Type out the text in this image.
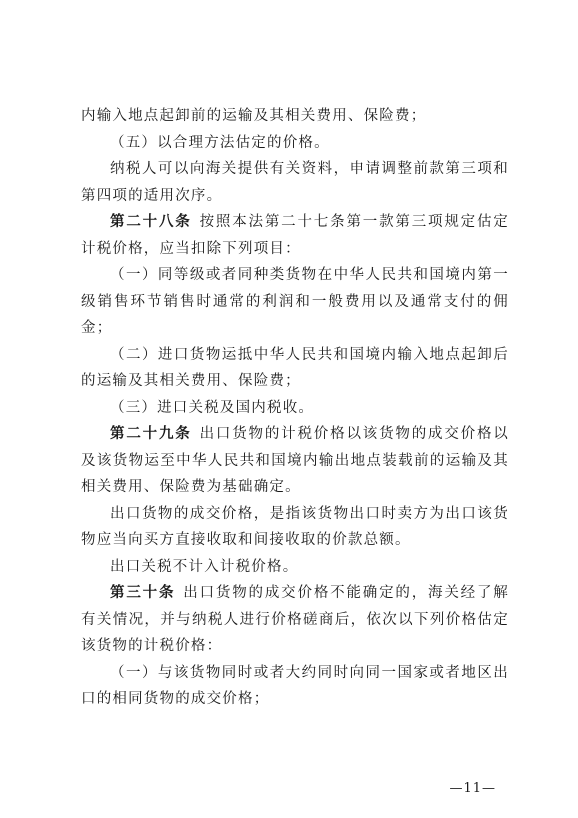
内输入地点起卸前的运输及其相关费用、保险费；

（五）以合理方法估定的价格。

纳税人可以向海关提供有关资料，申请调整前款第三项和第四项的适用次序。

第二十八条 按照本法第二十七条第一款第三项规定估定计税价格，应当扣除下列项目：

（一）同等级或者同种类货物在中华人民共和国境内第一级销售环节销售时通常的利润和一般费用以及通常支付的佣金；

（二）进口货物运抵中华人民共和国境内输入地点起卸后的运输及其相关费用、保险费；

（三）进口关税及国内税收。

第二十九条 出口货物的计税价格以该货物的成交价格以及该货物运至中华人民共和国境内输出地点装载前的运输及其相关费用、保险费为基础确定。

出口货物的成交价格，是指该货物出口时卖方为出口该货物应当向买方直接收取和间接收取的价款总额。

出口关税不计入计税价格。

第三十条 出口货物的成交价格不能确定的，海关经了解有关情况，并与纳税人进行价格磋商后，依次以下列价格估定该货物的计税价格：

（一）与该货物同时或者大约同时向同一国家或者地区出口的相同货物的成交价格；

—11—
